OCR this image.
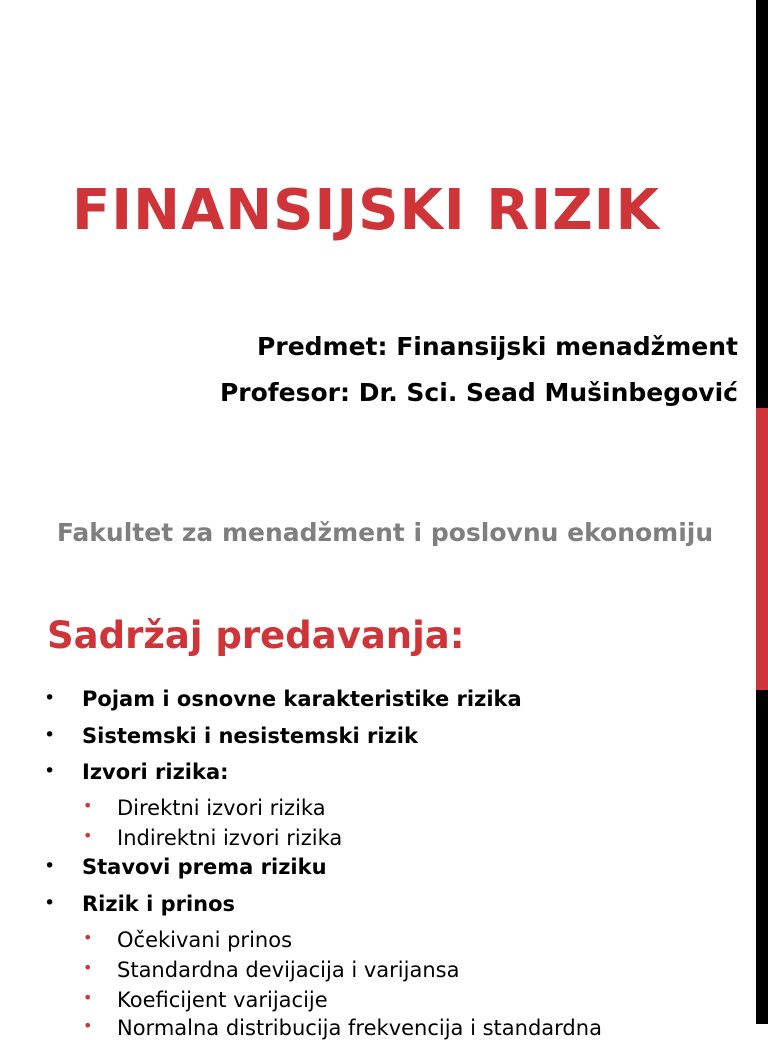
FINANSIJSKI RIZIK
Predmet: Finansijski menadžment
Profesor: Dr. Sci. Sead Mušinbegović
Fakultet za menadžment i poslovnu ekonomiju
Sadržaj predavanja:
• Pojam i osnovne karakteristike rizika
• Sistemski i nesistemski rizik
• Izvori rizika:
• Direktni izvori rizika
• Indirektni izvori rizika
• Stavovi prema riziku
• Rizik i prinos
• Očekivani prinos
• Standardna devijacija i varijansa
• Koeficijent varijacije
• Normalna distribucija frekvencija i standardna
